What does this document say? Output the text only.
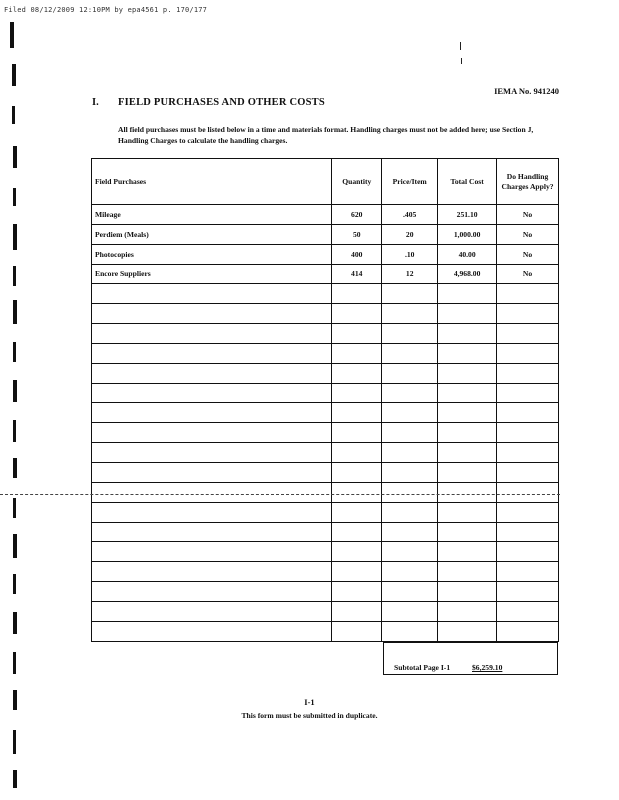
Filed 08/12/2009 12:10PM by epa4561 p. 170/177
IEMA No. 941240
I. FIELD PURCHASES AND OTHER COSTS
All field purchases must be listed below in a time and materials format. Handling charges must not be added here; use Section J, Handling Charges to calculate the handling charges.
Field Purchases	Quantity	Price/Item	Total Cost	Do Handling Charges Apply?
Mileage	620	.405	251.10	No
Perdiem (Meals)	50	20	1,000.00	No
Photocopies	400	.10	40.00	No
Encore Suppliers	414	12	4,968.00	No

Subtotal Page I-1	$6,259.10
I-1
This form must be submitted in duplicate.
